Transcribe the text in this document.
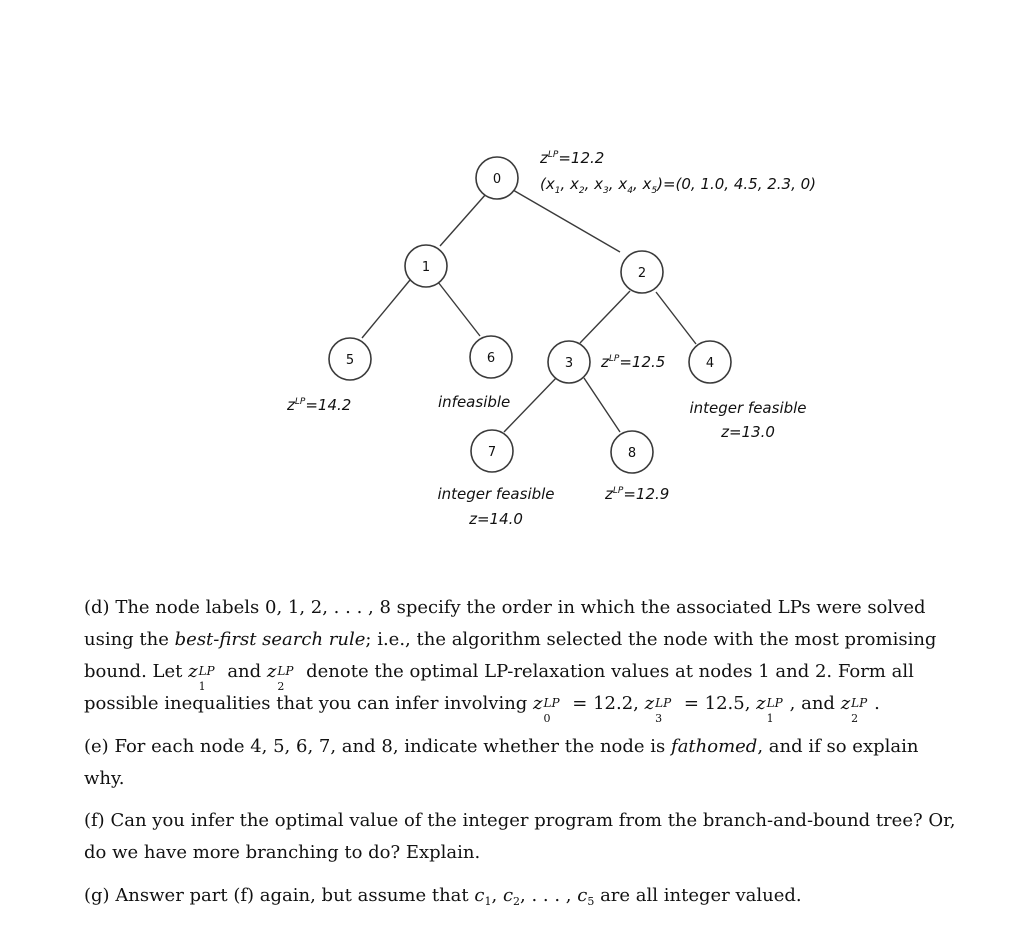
0
1	2
3	4
5	6
7	8
$z^{LP}=12.2$
($x_1$, $x_2$, $x_3$, $x_4$, $x_5)=(0$, 1.0, 4.5, 2.3, 0)
$z^{LP}=14.2$	infeasible
$z^{LP}=12.5$
integer feasible
z=13.0
integer feasible
z=14.0
$z^{LP}=12.9$

(d) The node labels 0, 1, 2, . . . , 8 specify the order in which the associated LPs were solved using the best-first search rule; i.e., the algorithm selected the node with the most promising bound. Let z LP
1
and z LP
2
denote the optimal LP-relaxation values at nodes 1 and 2. Form all possible inequalities that you can infer involving z LP
0
= 12.2, z LP
3
= 12.5, z LP
1
, and z LP
2
.

(e) For each node 4, 5, 6, 7, and 8, indicate whether the node is fathomed, and if so explain why.

(f) Can you infer the optimal value of the integer program from the branch-and-bound tree? Or, do we have more branching to do? Explain.

(g) Answer part (f) again, but assume that $c_1$, $c_2$, . . . , $c_5$ are all integer valued.
